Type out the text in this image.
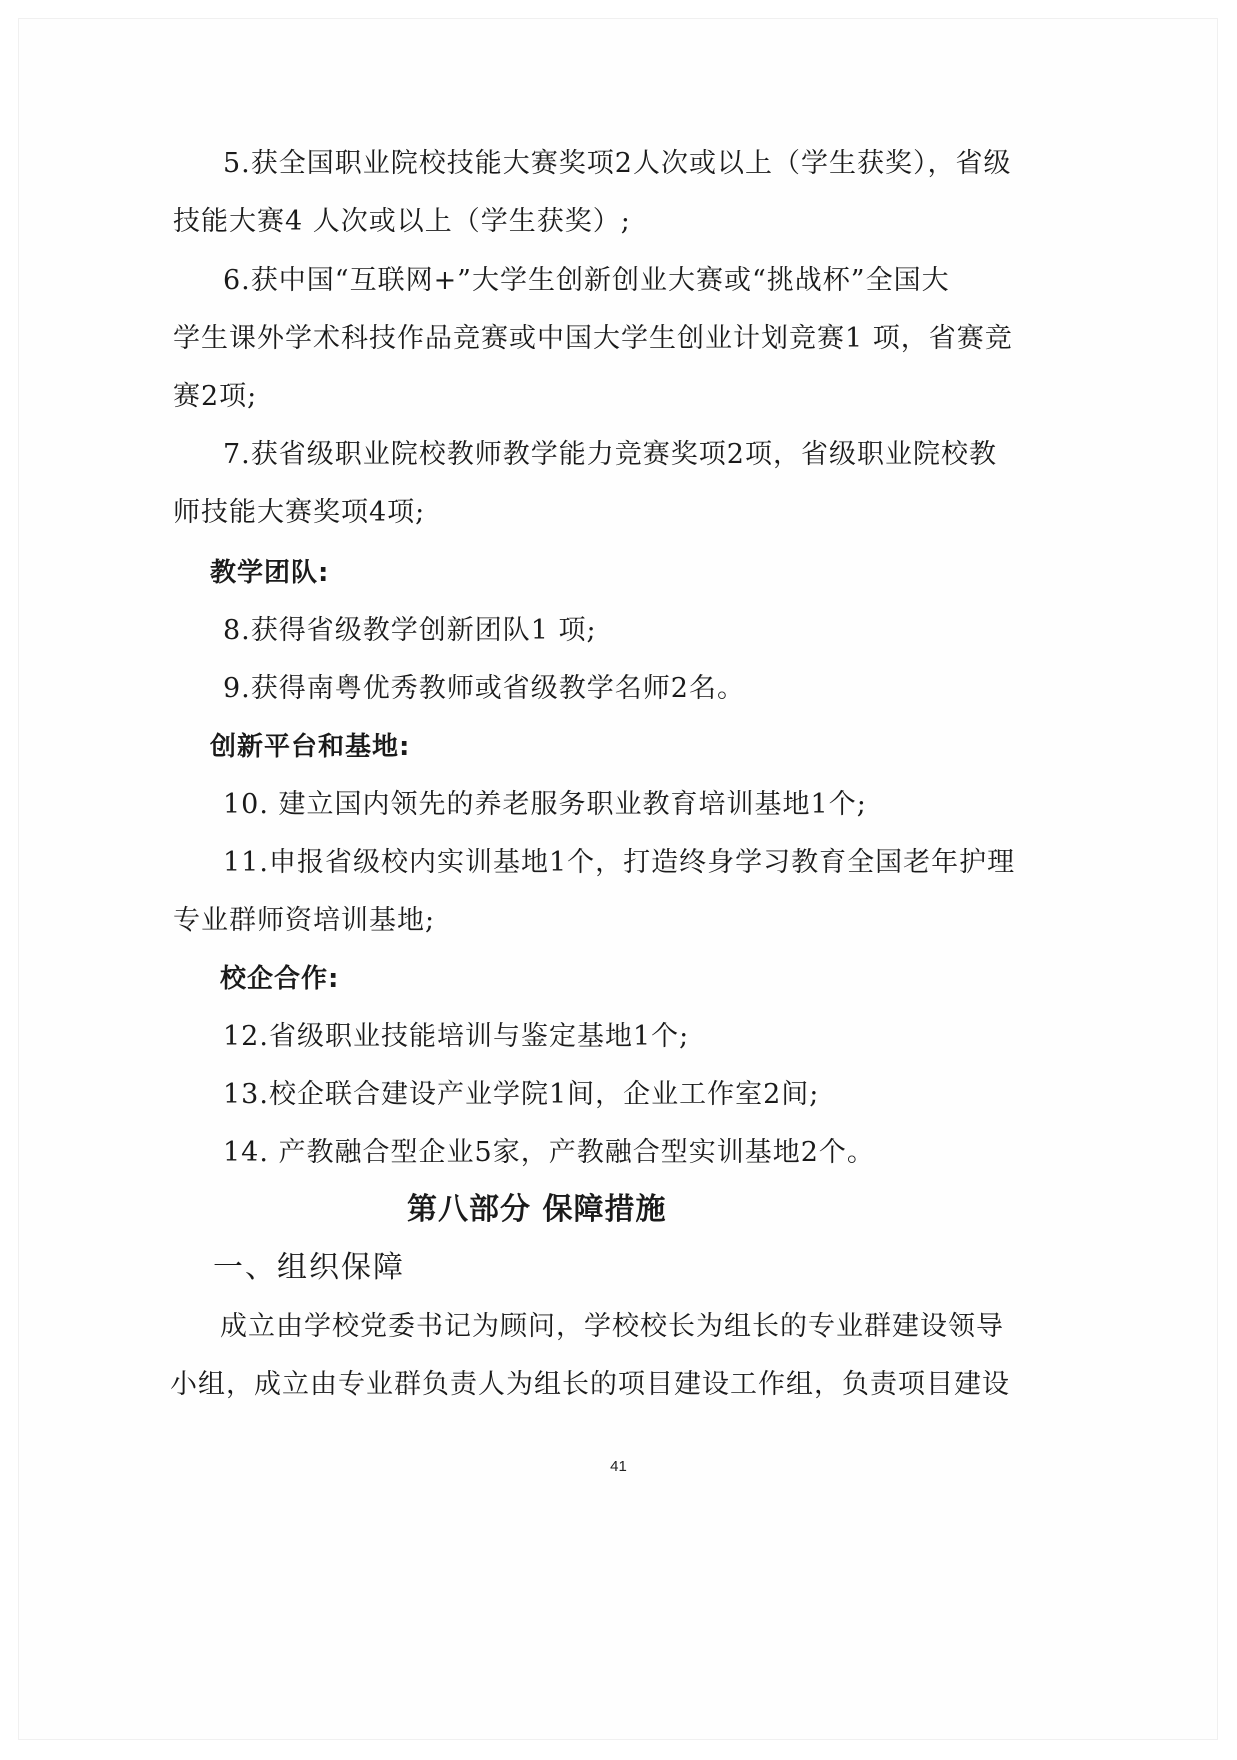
5.获全国职业院校技能大赛奖项2人次或以上（学生获奖），省级
技能大赛4 人次或以上（学生获奖）;
6.获中国“互联网+”大学生创新创业大赛或“挑战杯”全国大
学生课外学术科技作品竞赛或中国大学生创业计划竞赛1 项，省赛竞
赛2项;
7.获省级职业院校教师教学能力竞赛奖项2项，省级职业院校教
师技能大赛奖项4项;
教学团队:
8.获得省级教学创新团队1 项;
9.获得南粤优秀教师或省级教学名师2名。
创新平台和基地:
10. 建立国内领先的养老服务职业教育培训基地1个;
11.申报省级校内实训基地1个，打造终身学习教育全国老年护理
专业群师资培训基地;
校企合作:
12.省级职业技能培训与鉴定基地1个;
13.校企联合建设产业学院1间，企业工作室2间;
14. 产教融合型企业5家，产教融合型实训基地2个。
第八部分 保障措施
一、组织保障
成立由学校党委书记为顾问，学校校长为组长的专业群建设领导
小组，成立由专业群负责人为组长的项目建设工作组，负责项目建设
41
